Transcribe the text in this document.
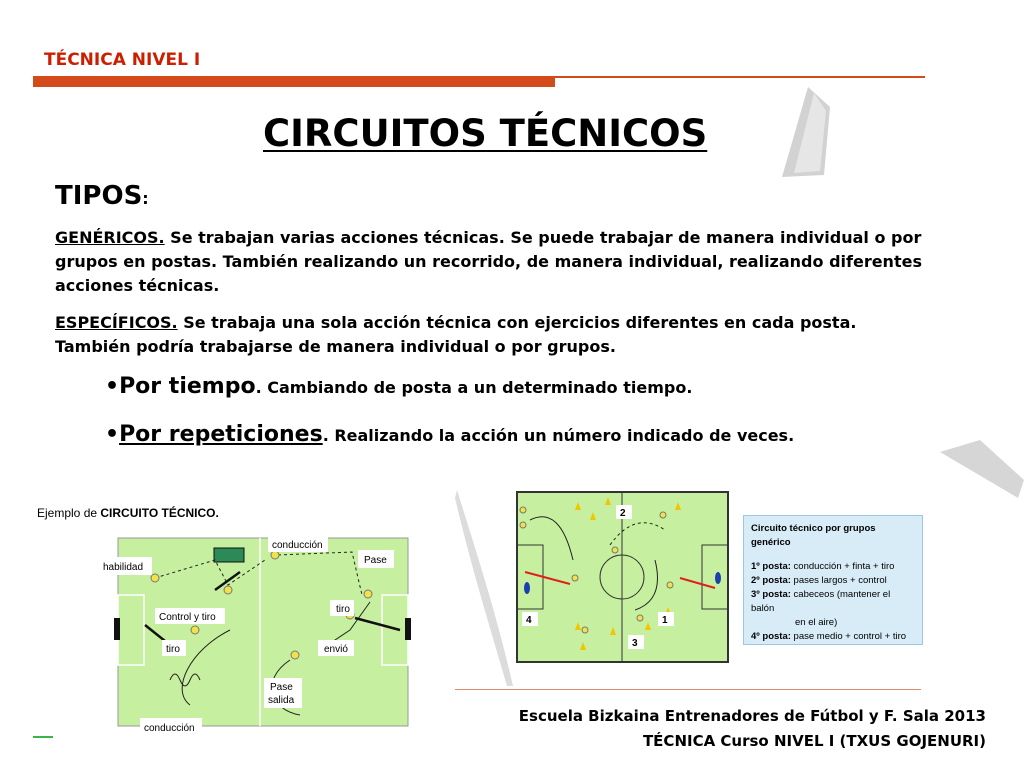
TÉCNICA NIVEL I
CIRCUITOS TÉCNICOS
TIPOS:
GENÉRICOS. Se trabajan varias acciones técnicas. Se puede trabajar de manera individual o por grupos en postas. También realizando un recorrido, de manera individual, realizando diferentes acciones técnicas.
ESPECÍFICOS. Se trabaja una sola acción técnica con ejercicios diferentes en cada posta. También podría trabajarse de manera individual o por grupos.
•Por tiempo. Cambiando de posta a un determinado tiempo.
•Por repeticiones. Realizando la acción un número indicado de veces.
Ejemplo de CIRCUITO TÉCNICO.
habilidad
conducción
Pase
Control y tiro
tiro
tiro	envió
Pase
salida
conducción
4
2
3
1
Circuito técnico por grupos genérico
1º posta: conducción + finta + tiro
2º posta: pases largos + control
3º posta: cabeceos (mantener el balón
en el aire)
4º posta: pase medio + control + tiro
Escuela Bizkaina Entrenadores de Fútbol y F. Sala 2013
TÉCNICA Curso NIVEL I (TXUS GOJENURI)
